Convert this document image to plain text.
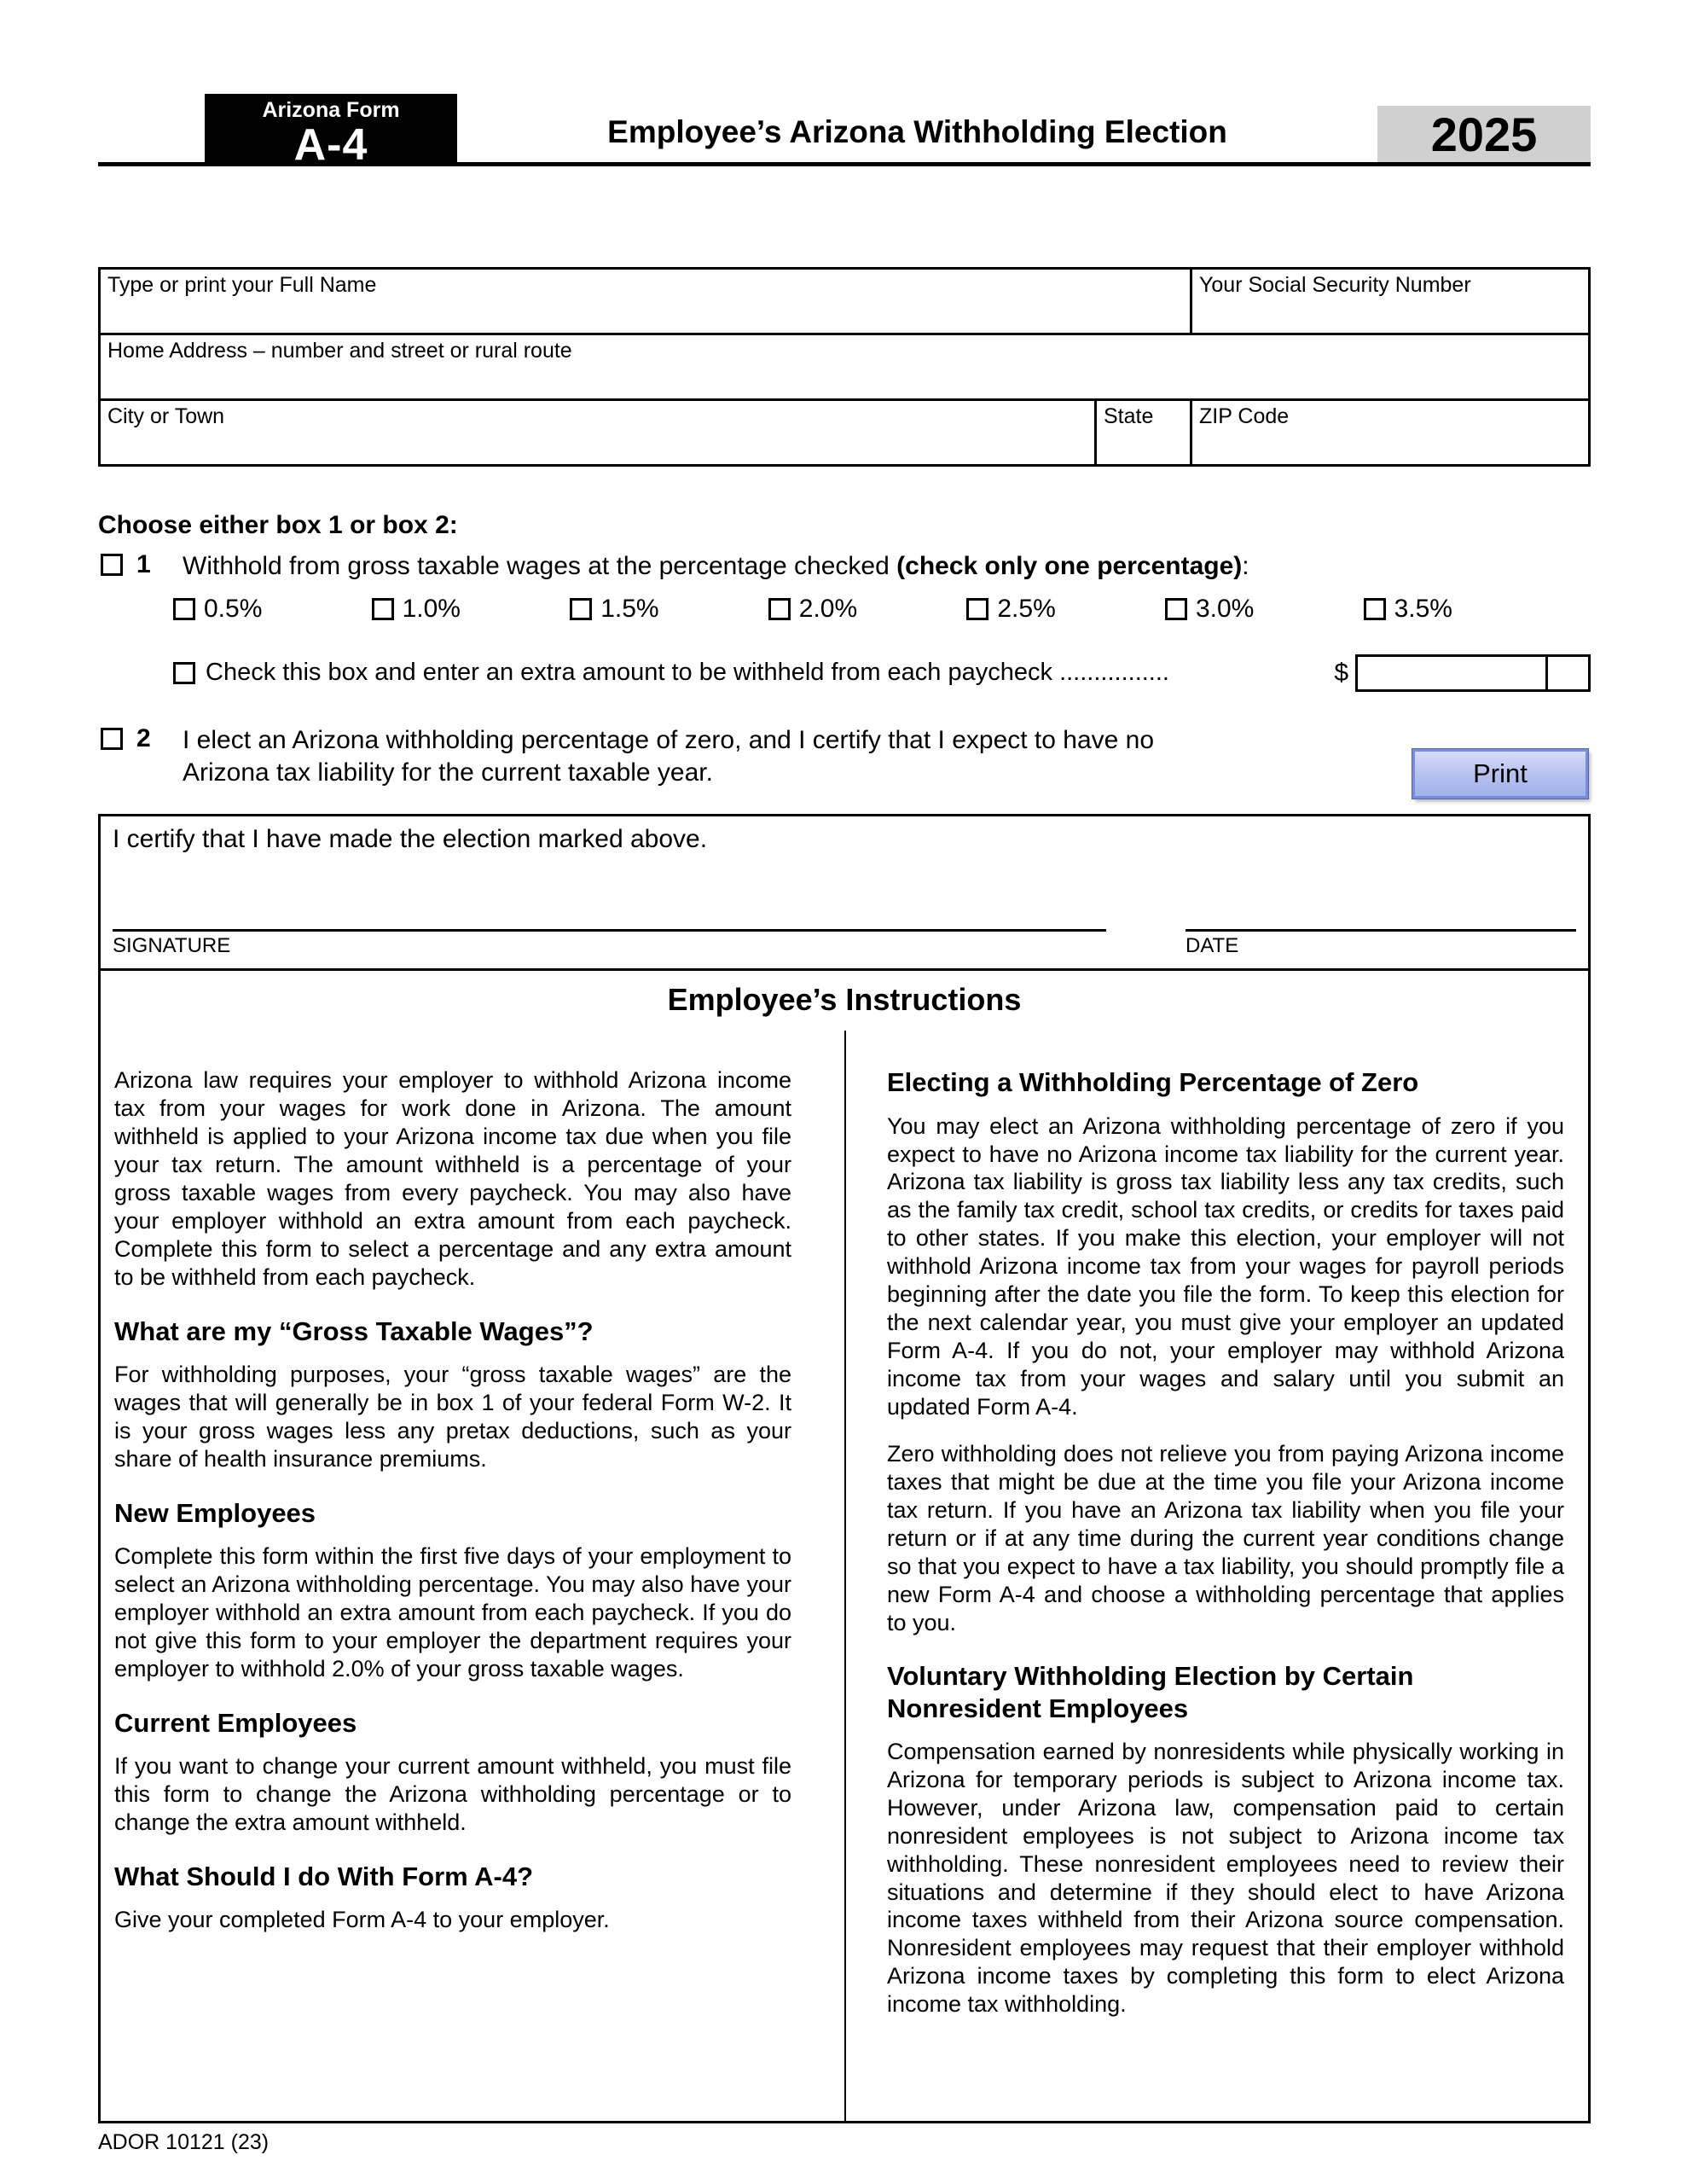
Arizona Form
A-4	Employee’s Arizona Withholding Election	2025
Type or print your Full Name	Your Social Security Number
Home Address – number and street or rural route
City or Town	State	ZIP Code
Choose either box 1 or box 2:
1	Withhold from gross taxable wages at the percentage checked (check only one percentage):
0.5%	1.0%	1.5%	2.0%	2.5%	3.0%	3.5%
Check this box and enter an extra amount to be withheld from each paycheck ................	$
2	I elect an Arizona withholding percentage of zero, and I certify that I expect to have no Arizona tax liability for the current taxable year.
I certify that I have made the election marked above.
SIGNATURE	DATE
Employee’s Instructions

Arizona law requires your employer to withhold Arizona income tax from your wages for work done in Arizona. The amount withheld is applied to your Arizona income tax due when you file your tax return. The amount withheld is a percentage of your gross taxable wages from every paycheck. You may also have your employer withhold an extra amount from each paycheck. Complete this form to select a percentage and any extra amount to be withheld from each paycheck.

What are my “Gross Taxable Wages”?

For withholding purposes, your “gross taxable wages” are the wages that will generally be in box 1 of your federal Form W-2. It is your gross wages less any pretax deductions, such as your share of health insurance premiums.

New Employees

Complete this form within the first five days of your employment to select an Arizona withholding percentage. You may also have your employer withhold an extra amount from each paycheck. If you do not give this form to your employer the department requires your employer to withhold 2.0% of your gross taxable wages.

Current Employees

If you want to change your current amount withheld, you must file this form to change the Arizona withholding percentage or to change the extra amount withheld.

What Should I do With Form A-4?

Give your completed Form A-4 to your employer.

Electing a Withholding Percentage of Zero

You may elect an Arizona withholding percentage of zero if you expect to have no Arizona income tax liability for the current year. Arizona tax liability is gross tax liability less any tax credits, such as the family tax credit, school tax credits, or credits for taxes paid to other states. If you make this election, your employer will not withhold Arizona income tax from your wages for payroll periods beginning after the date you file the form. To keep this election for the next calendar year, you must give your employer an updated Form A-4. If you do not, your employer may withhold Arizona income tax from your wages and salary until you submit an updated Form A-4.

Zero withholding does not relieve you from paying Arizona income taxes that might be due at the time you file your Arizona income tax return. If you have an Arizona tax liability when you file your return or if at any time during the current year conditions change so that you expect to have a tax liability, you should promptly file a new Form A-4 and choose a withholding percentage that applies to you.

Voluntary Withholding Election by Certain Nonresident Employees

Compensation earned by nonresidents while physically working in Arizona for temporary periods is subject to Arizona income tax. However, under Arizona law, compensation paid to certain nonresident employees is not subject to Arizona income tax withholding. These nonresident employees need to review their situations and determine if they should elect to have Arizona income taxes withheld from their Arizona source compensation. Nonresident employees may request that their employer withhold Arizona income taxes by completing this form to elect Arizona income tax withholding.

ADOR 10121 (23)
Print
